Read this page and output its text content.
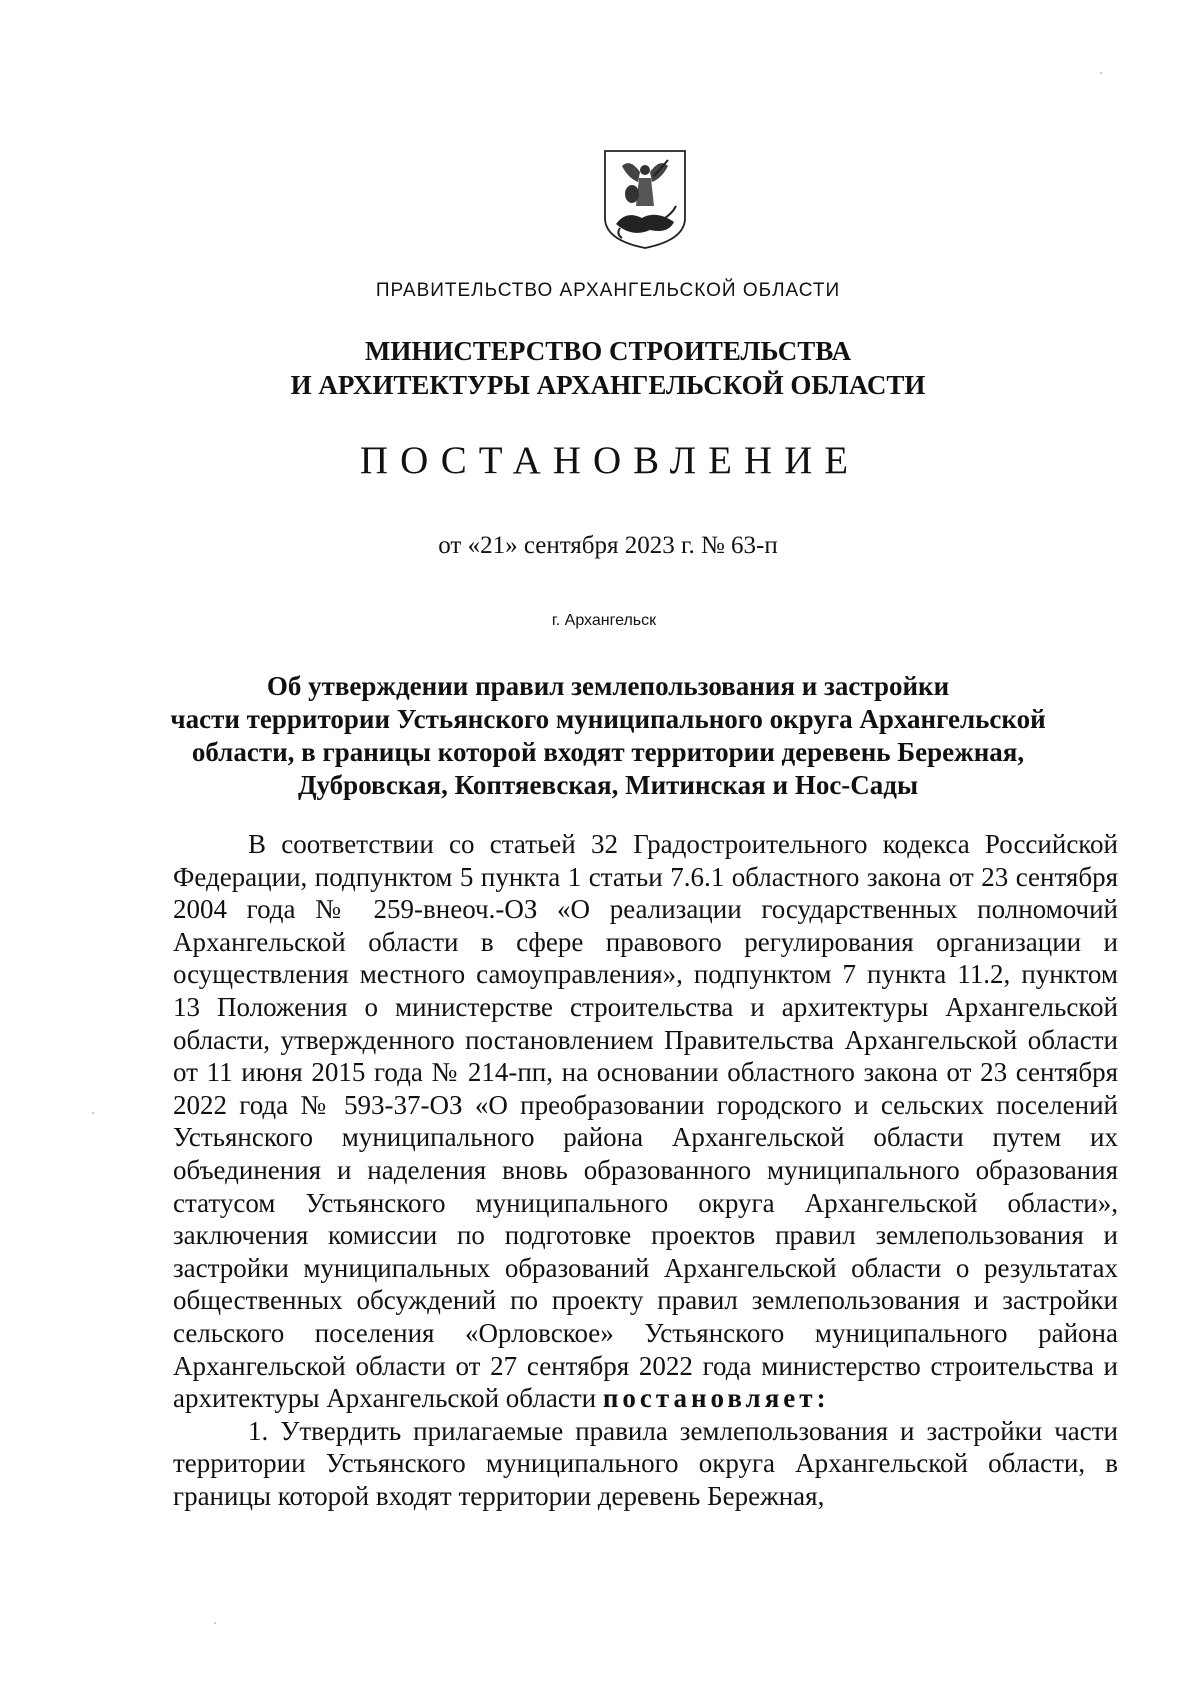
ПРАВИТЕЛЬСТВО АРХАНГЕЛЬСКОЙ ОБЛАСТИ
МИНИСТЕРСТВО СТРОИТЕЛЬСТВА
И АРХИТЕКТУРЫ АРХАНГЕЛЬСКОЙ ОБЛАСТИ
ПОСТАНОВЛЕНИЕ
от «21» сентября 2023 г. № 63-п
г. Архангельск
Об утверждении правил землепользования и застройки
части территории Устьянского муниципального округа Архангельской
области, в границы которой входят территории деревень Бережная,
Дубровская, Коптяевская, Митинская и Нос-Сады

В соответствии со статьей 32 Градостроительного кодекса Российской Федерации, подпунктом 5 пункта 1 статьи 7.6.1 областного закона от 23 сентября 2004 года № 259-внеоч.-ОЗ «О реализации государственных полномочий Архангельской области в сфере правового регулирования организации и осуществления местного самоуправления», подпунктом 7 пункта 11.2, пунктом 13 Положения о министерстве строительства и архитектуры Архангельской области, утвержденного постановлением Правительства Архангельской области от 11 июня 2015 года № 214-пп, на основании областного закона от 23 сентября 2022 года № 593-37-ОЗ «О преобразовании городского и сельских поселений Устьянского муниципального района Архангельской области путем их объединения и наделения вновь образованного муниципального образования статусом Устьянского муниципального округа Архангельской области», заключения комиссии по подготовке проектов правил землепользования и застройки муниципальных образований Архангельской области о результатах общественных обсуждений по проекту правил землепользования и застройки сельского поселения «Орловское» Устьянского муниципального района Архангельской области от 27 сентября 2022 года министерство строительства и архитектуры Архангельской области постановляет:

1. Утвердить прилагаемые правила землепользования и застройки части территории Устьянского муниципального округа Архангельской области, в границы которой входят территории деревень Бережная,
